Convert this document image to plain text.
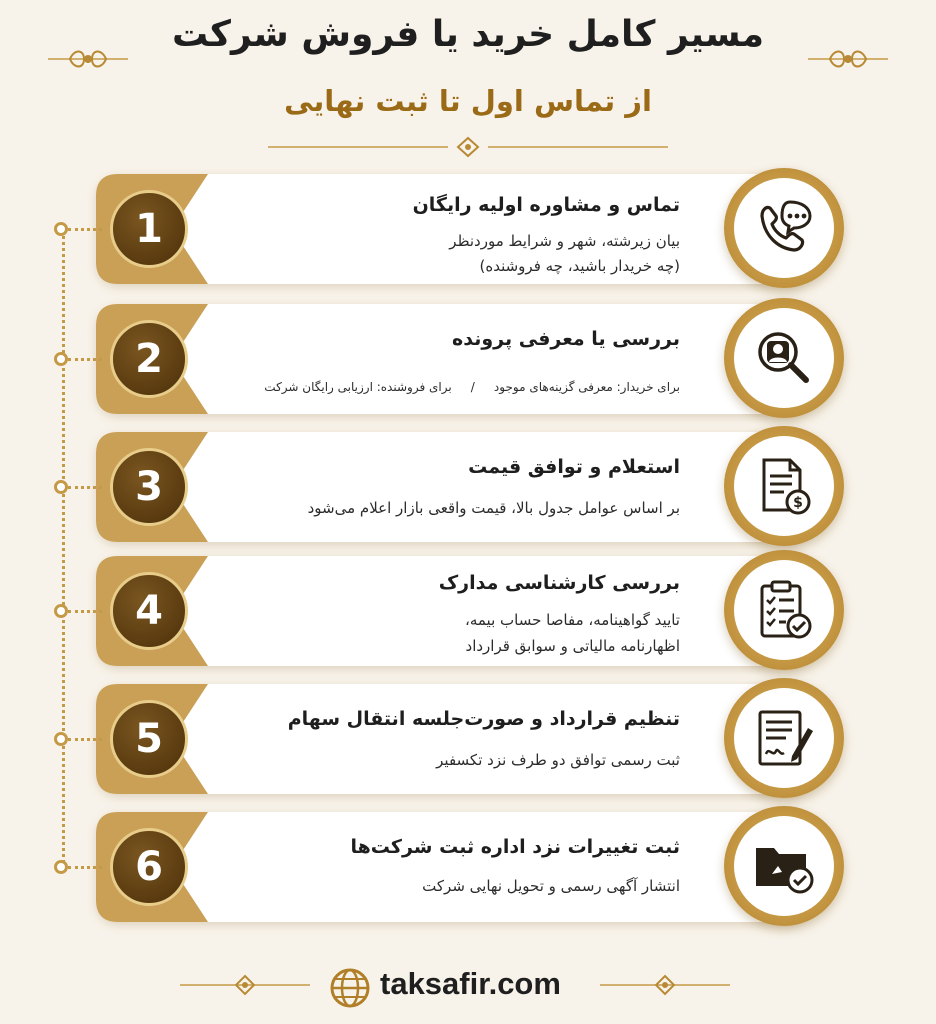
مسیر کامل خرید یا فروش شرکت
از تماس اول تا ثبت نهایی
تماس و مشاوره اولیه رایگان
بیان زیرشته، شهر و شرایط موردنظر
(چه خریدار باشید، چه فروشنده)
1
بررسی یا معرفی پرونده
برای خریدار: معرفی گزینه‌های موجود / برای فروشنده: ارزیابی رایگان شرکت
2
استعلام و توافق قیمت
بر اساس عوامل جدول بالا، قیمت واقعی بازار اعلام می‌شود
3	$
بررسی کارشناسی مدارک
تایید گواهینامه، مفاصا حساب بیمه،
اظهارنامه مالیاتی و سوابق قرارداد
4
تنظیم قرارداد و صورت‌جلسه انتقال سهام
ثبت رسمی توافق دو طرف نزد تکسفیر
5
ثبت تغییرات نزد اداره ثبت شرکت‌ها
انتشار آگهی رسمی و تحویل نهایی شرکت
6
taksafir.com
